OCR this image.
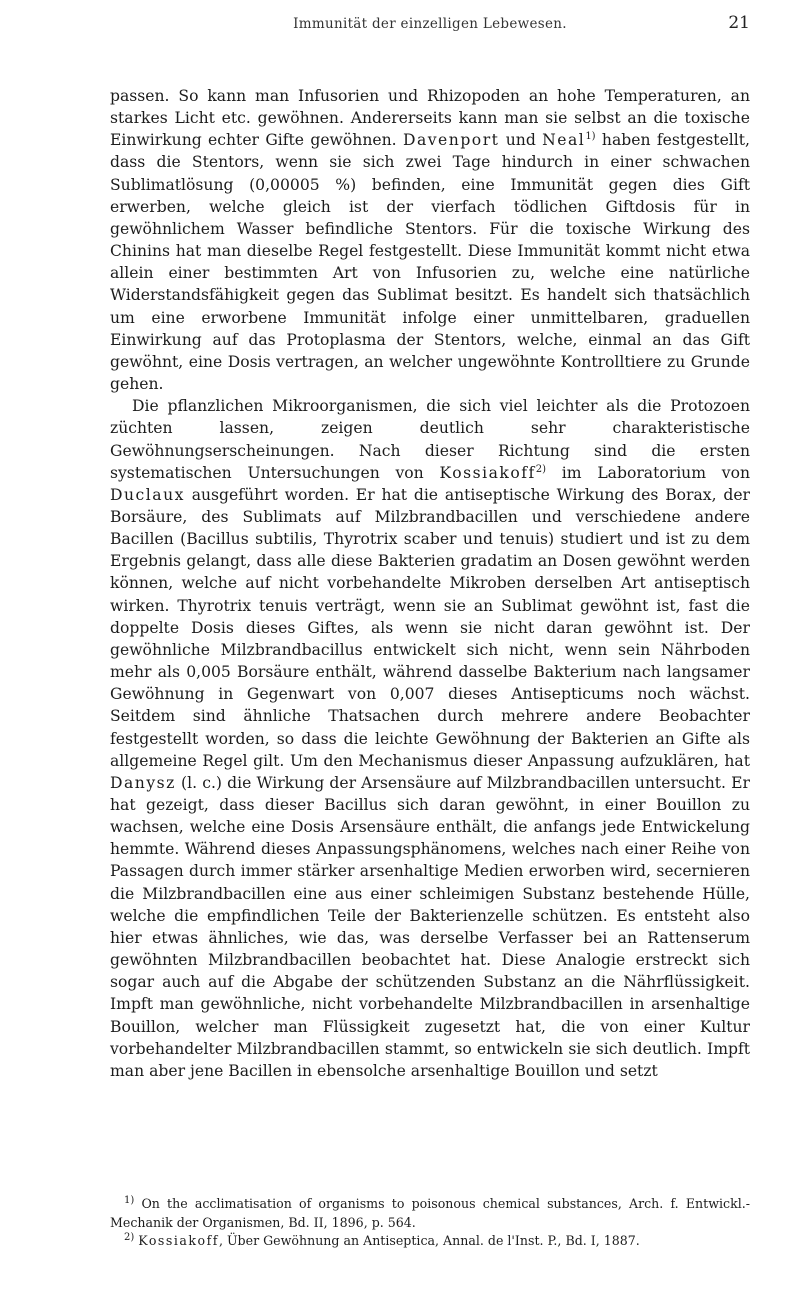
Immunität der einzelligen Lebewesen.	21

passen. So kann man Infusorien und Rhizopoden an hohe Temperaturen, an starkes Licht etc. gewöhnen. Andererseits kann man sie selbst an die toxische Einwirkung echter Gifte gewöhnen. Davenport und Neal$^{1)}$ haben festgestellt, dass die Stentors, wenn sie sich zwei Tage hindurch in einer schwachen Sublimatlösung (0,00005 %) befinden, eine Immunität gegen dies Gift erwerben, welche gleich ist der vierfach tödlichen Giftdosis für in gewöhnlichem Wasser befindliche Stentors. Für die toxische Wirkung des Chinins hat man dieselbe Regel festgestellt. Diese Immunität kommt nicht etwa allein einer bestimmten Art von Infusorien zu, welche eine natürliche Widerstandsfähigkeit gegen das Sublimat besitzt. Es handelt sich thatsächlich um eine erworbene Immunität infolge einer unmittelbaren, graduellen Einwirkung auf das Protoplasma der Stentors, welche, einmal an das Gift gewöhnt, eine Dosis vertragen, an welcher ungewöhnte Kontrolltiere zu Grunde gehen.

Die pflanzlichen Mikroorganismen, die sich viel leichter als die Protozoen züchten lassen, zeigen deutlich sehr charakteristische Gewöhnungserscheinungen. Nach dieser Richtung sind die ersten systematischen Untersuchungen von Kossiakoff$^{2)}$ im Laboratorium von Duclaux ausgeführt worden. Er hat die antiseptische Wirkung des Borax, der Borsäure, des Sublimats auf Milzbrandbacillen und verschiedene andere Bacillen (Bacillus subtilis, Thyrotrix scaber und tenuis) studiert und ist zu dem Ergebnis gelangt, dass alle diese Bakterien gradatim an Dosen gewöhnt werden können, welche auf nicht vorbehandelte Mikroben derselben Art antiseptisch wirken. Thyrotrix tenuis verträgt, wenn sie an Sublimat gewöhnt ist, fast die doppelte Dosis dieses Giftes, als wenn sie nicht daran gewöhnt ist. Der gewöhnliche Milzbrandbacillus entwickelt sich nicht, wenn sein Nährboden mehr als 0,005 Borsäure enthält, während dasselbe Bakterium nach langsamer Gewöhnung in Gegenwart von 0,007 dieses Antisepticums noch wächst. Seitdem sind ähnliche Thatsachen durch mehrere andere Beobachter festgestellt worden, so dass die leichte Gewöhnung der Bakterien an Gifte als allgemeine Regel gilt. Um den Mechanismus dieser Anpassung aufzuklären, hat Danysz (l. c.) die Wirkung der Arsensäure auf Milzbrandbacillen untersucht. Er hat gezeigt, dass dieser Bacillus sich daran gewöhnt, in einer Bouillon zu wachsen, welche eine Dosis Arsensäure enthält, die anfangs jede Entwickelung hemmte. Während dieses Anpassungsphänomens, welches nach einer Reihe von Passagen durch immer stärker arsenhaltige Medien erworben wird, secernieren die Milzbrandbacillen eine aus einer schleimigen Substanz bestehende Hülle, welche die empfindlichen Teile der Bakterienzelle schützen. Es entsteht also hier etwas ähnliches, wie das, was derselbe Verfasser bei an Rattenserum gewöhnten Milzbrandbacillen beobachtet hat. Diese Analogie erstreckt sich sogar auch auf die Abgabe der schützenden Substanz an die Nährflüssigkeit. Impft man gewöhnliche, nicht vorbehandelte Milzbrandbacillen in arsenhaltige Bouillon, welcher man Flüssigkeit zugesetzt hat, die von einer Kultur vorbehandelter Milzbrandbacillen stammt, so entwickeln sie sich deutlich. Impft man aber jene Bacillen in ebensolche arsenhaltige Bouillon und setzt

$^{1)}$ On the acclimatisation of organisms to poisonous chemical substances, Arch. f. Entwickl.-Mechanik der Organismen, Bd. II, 1896, p. 564.

$^{2)}$ Kossiakoff, Über Gewöhnung an Antiseptica, Annal. de l'Inst. P., Bd. I, 1887.
